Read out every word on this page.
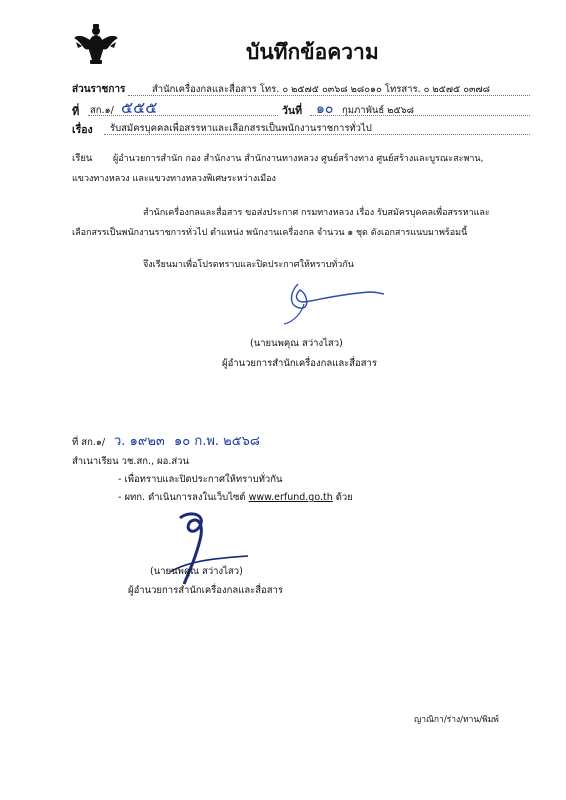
บันทึกข้อความ
ส่วนราชการ	สำนักเครื่องกลและสื่อสาร โทร. ๐ ๒๕๗๕ ๐๓๖๘ ๒๘๐๑๐ โทรสาร. ๐ ๒๕๗๕ ๐๓๗๘
ที่ สก.๑/ ๕๕๕	วันที่ ๑๐ กุมภาพันธ์ ๒๕๖๘
เรื่อง รับสมัครบุคคลเพื่อสรรหาและเลือกสรรเป็นพนักงานราชการทั่วไป
เรียน ผู้อำนวยการสำนัก กอง สำนักงาน สำนักงานทางหลวง ศูนย์สร้างทาง ศูนย์สร้างและบูรณะสะพาน,
แขวงทางหลวง และแขวงทางหลวงพิเศษระหว่างเมือง
สำนักเครื่องกลและสื่อสาร ขอส่งประกาศ กรมทางหลวง เรื่อง รับสมัครบุคคลเพื่อสรรหาและ
เลือกสรรเป็นพนักงานราชการทั่วไป ตำแหน่ง พนักงานเครื่องกล จำนวน ๑ ชุด ดังเอกสารแนบมาพร้อมนี้
จึงเรียนมาเพื่อโปรดทราบและปิดประกาศให้ทราบทั่วกัน
(นายนพคุณ สว่างไสว)
ผู้อำนวยการสำนักเครื่องกลและสื่อสาร
ที่ สก.๑/ ว. ๑๙๒๓ ๑๐ ก.พ. ๒๕๖๘
สำเนาเรียน วช.สก., ผอ.ส่วน
- เพื่อทราบและปิดประกาศให้ทราบทั่วกัน
- ผทก. ดำเนินการลงในเว็บไซต์ www.erfund.go.th ด้วย
(นายนพคุณ สว่างไสว)
ผู้อำนวยการสำนักเครื่องกลและสื่อสาร
ญาณิกา/ร่าง/ทาน/พิมพ์
